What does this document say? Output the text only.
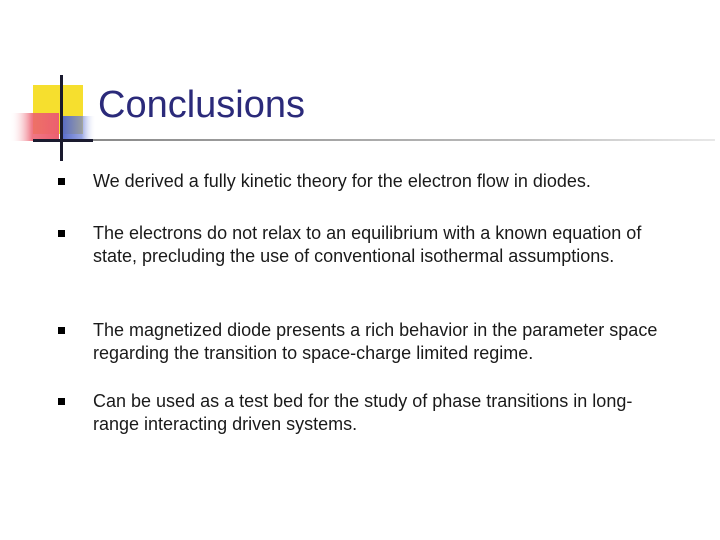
Conclusions
We derived a fully kinetic theory for the electron flow in diodes.
The electrons do not relax to an equilibrium with a known equation of state, precluding the use of conventional isothermal assumptions.
The magnetized diode presents a rich behavior in the parameter space regarding the transition to space-charge limited regime.
Can be used as a test bed for the study of phase transitions in long-range interacting driven systems.
